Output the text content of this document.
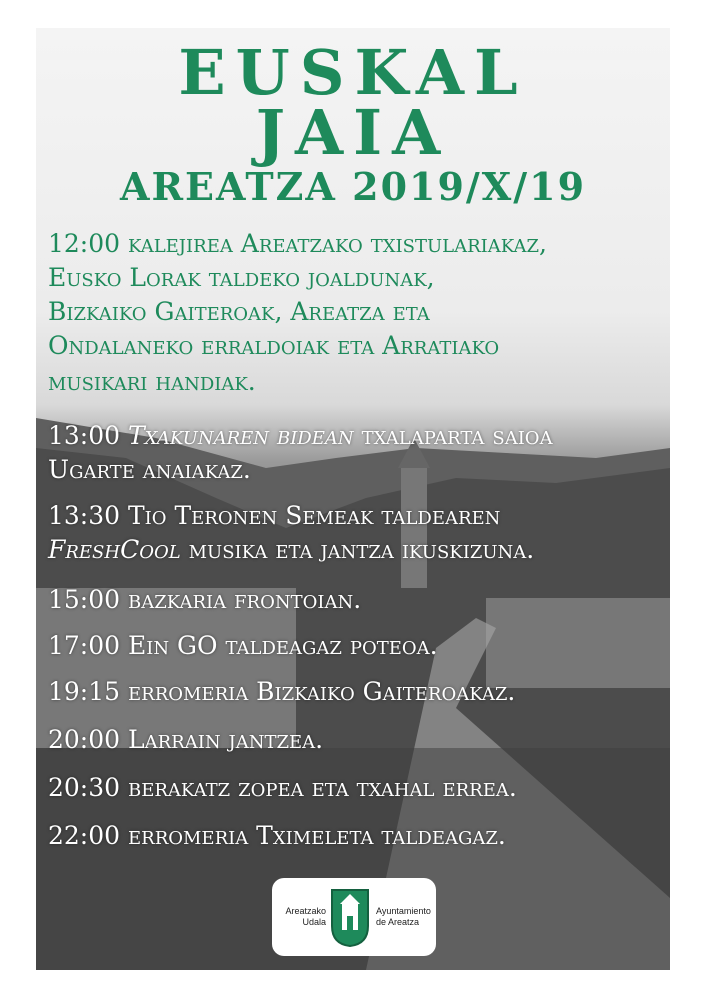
EUSKAL
JAIA
AREATZA 2019/X/19
12:00 kalejirea Areatzako txistulariakaz,
Eusko Lorak taldeko joaldunak,
Bizkaiko Gaiteroak, Areatza eta
Ondalaneko erraldoiak eta Arratiako
musikari handiak.
13:00 Txakunaren bidean txalaparta saioa
Ugarte anaiakaz.
13:30 Tio Teronen Semeak taldearen
FreshCool musika eta jantza ikuskizuna.
15:00 bazkaria frontoian.
17:00 Ein GO taldeagaz poteoa.
19:15 erromeria Bizkaiko Gaiteroakaz.
20:00 Larrain jantzea.
20:30 berakatz zopea eta txahal errea.
22:00 erromeria Tximeleta taldeagaz.
Areatzako
Udala
Ayuntamiento
de Areatza
